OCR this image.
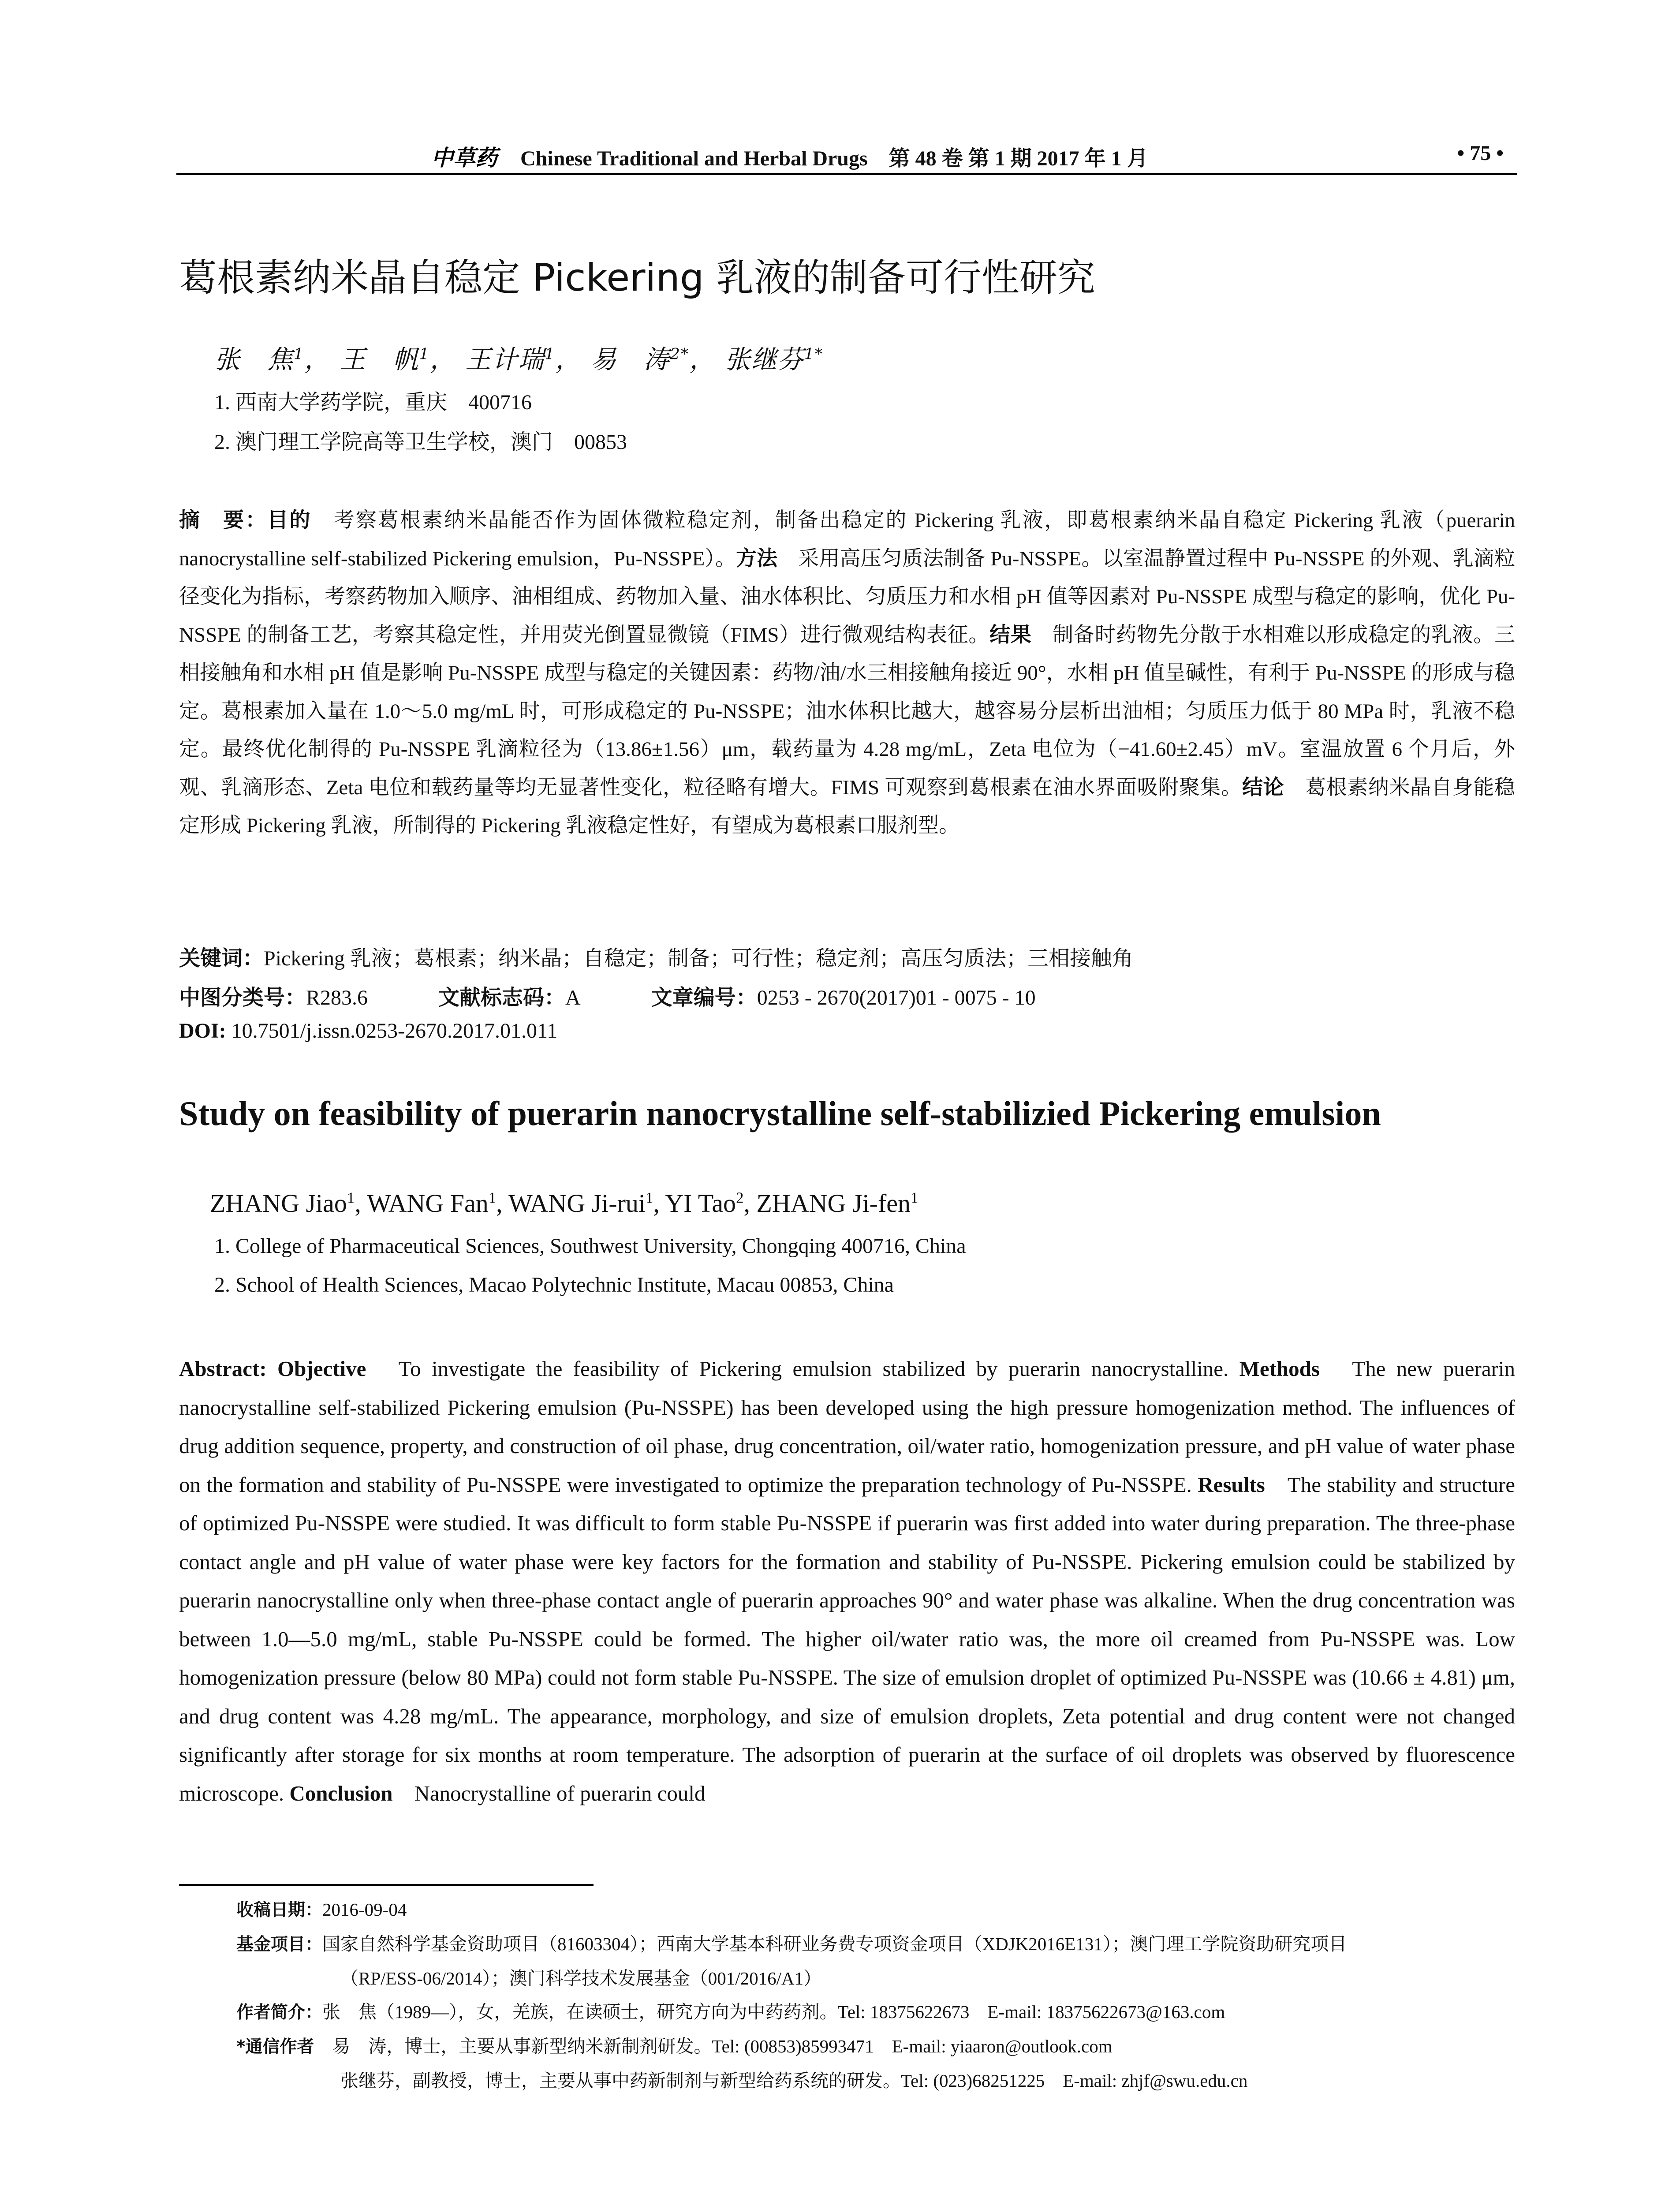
中草药 Chinese Traditional and Herbal Drugs　第 48 卷 第 1 期 2017 年 1 月	• 75 •
葛根素纳米晶自稳定 Pickering 乳液的制备可行性研究
张　焦$^1$， 王　帆$^1$， 王计瑞$^1$， 易　涛$^{2*}$， 张继芬$^{1*}$
1. 西南大学药学院，重庆　400716
2. 澳门理工学院高等卫生学校，澳门　00853
摘　要：目的　考察葛根素纳米晶能否作为固体微粒稳定剂，制备出稳定的 Pickering 乳液，即葛根素纳米晶自稳定 Pickering 乳液（puerarin nanocrystalline self-stabilized Pickering emulsion，Pu-NSSPE）。方法　采用高压匀质法制备 Pu-NSSPE。以室温静置过程中 Pu-NSSPE 的外观、乳滴粒径变化为指标，考察药物加入顺序、油相组成、药物加入量、油水体积比、匀质压力和水相 pH 值等因素对 Pu-NSSPE 成型与稳定的影响，优化 Pu-NSSPE 的制备工艺，考察其稳定性，并用荧光倒置显微镜（FIMS）进行微观结构表征。结果　制备时药物先分散于水相难以形成稳定的乳液。三相接触角和水相 pH 值是影响 Pu-NSSPE 成型与稳定的关键因素：药物/油/水三相接触角接近 90°，水相 pH 值呈碱性，有利于 Pu-NSSPE 的形成与稳定。葛根素加入量在 1.0～5.0 mg/mL 时，可形成稳定的 Pu-NSSPE；油水体积比越大，越容易分层析出油相；匀质压力低于 80 MPa 时，乳液不稳定。最终优化制得的 Pu-NSSPE 乳滴粒径为（13.86±1.56）μm，载药量为 4.28 mg/mL，Zeta 电位为（−41.60±2.45）mV。室温放置 6 个月后，外观、乳滴形态、Zeta 电位和载药量等均无显著性变化，粒径略有增大。FIMS 可观察到葛根素在油水界面吸附聚集。结论　葛根素纳米晶自身能稳定形成 Pickering 乳液，所制得的 Pickering 乳液稳定性好，有望成为葛根素口服剂型。
关键词：Pickering 乳液；葛根素；纳米晶；自稳定；制备；可行性；稳定剂；高压匀质法；三相接触角
中图分类号：R283.6	文献标志码：A	文章编号：0253 - 2670(2017)01 - 0075 - 10
DOI: 10.7501/j.issn.0253-2670.2017.01.011
Study on feasibility of puerarin nanocrystalline self-stabilizied Pickering emulsion
ZHANG Jiao$^1$, WANG Fan$^1$, WANG Ji-rui$^1$, YI Tao$^2$, ZHANG Ji-fen$^1$
1. College of Pharmaceutical Sciences, Southwest University, Chongqing 400716, China
2. School of Health Sciences, Macao Polytechnic Institute, Macau 00853, China
Abstract: Objective　To investigate the feasibility of Pickering emulsion stabilized by puerarin nanocrystalline. Methods　The new puerarin nanocrystalline self-stabilized Pickering emulsion (Pu-NSSPE) has been developed using the high pressure homogenization method. The influences of drug addition sequence, property, and construction of oil phase, drug concentration, oil/water ratio, homogenization pressure, and pH value of water phase on the formation and stability of Pu-NSSPE were investigated to optimize the preparation technology of Pu-NSSPE. Results　The stability and structure of optimized Pu-NSSPE were studied. It was difficult to form stable Pu-NSSPE if puerarin was first added into water during preparation. The three-phase contact angle and pH value of water phase were key factors for the formation and stability of Pu-NSSPE. Pickering emulsion could be stabilized by puerarin nanocrystalline only when three-phase contact angle of puerarin approaches 90° and water phase was alkaline. When the drug concentration was between 1.0—5.0 mg/mL, stable Pu-NSSPE could be formed. The higher oil/water ratio was, the more oil creamed from Pu-NSSPE was. Low homogenization pressure (below 80 MPa) could not form stable Pu-NSSPE. The size of emulsion droplet of optimized Pu-NSSPE was (10.66 ± 4.81) μm, and drug content was 4.28 mg/mL. The appearance, morphology, and size of emulsion droplets, Zeta potential and drug content were not changed significantly after storage for six months at room temperature. The adsorption of puerarin at the surface of oil droplets was observed by fluorescence microscope. Conclusion　Nanocrystalline of puerarin could
收稿日期：2016-09-04
基金项目：国家自然科学基金资助项目（81603304）；西南大学基本科研业务费专项资金项目（XDJK2016E131）；澳门理工学院资助研究项目
（RP/ESS-06/2014）；澳门科学技术发展基金（001/2016/A1）
作者简介：张　焦（1989—），女，羌族，在读硕士，研究方向为中药药剂。Tel: 18375622673　E-mail: 18375622673@163.com
*通信作者　易　涛，博士，主要从事新型纳米新制剂研发。Tel: (00853)85993471　E-mail: yiaaron@outlook.com
张继芬，副教授，博士，主要从事中药新制剂与新型给药系统的研发。Tel: (023)68251225　E-mail: zhjf@swu.edu.cn
